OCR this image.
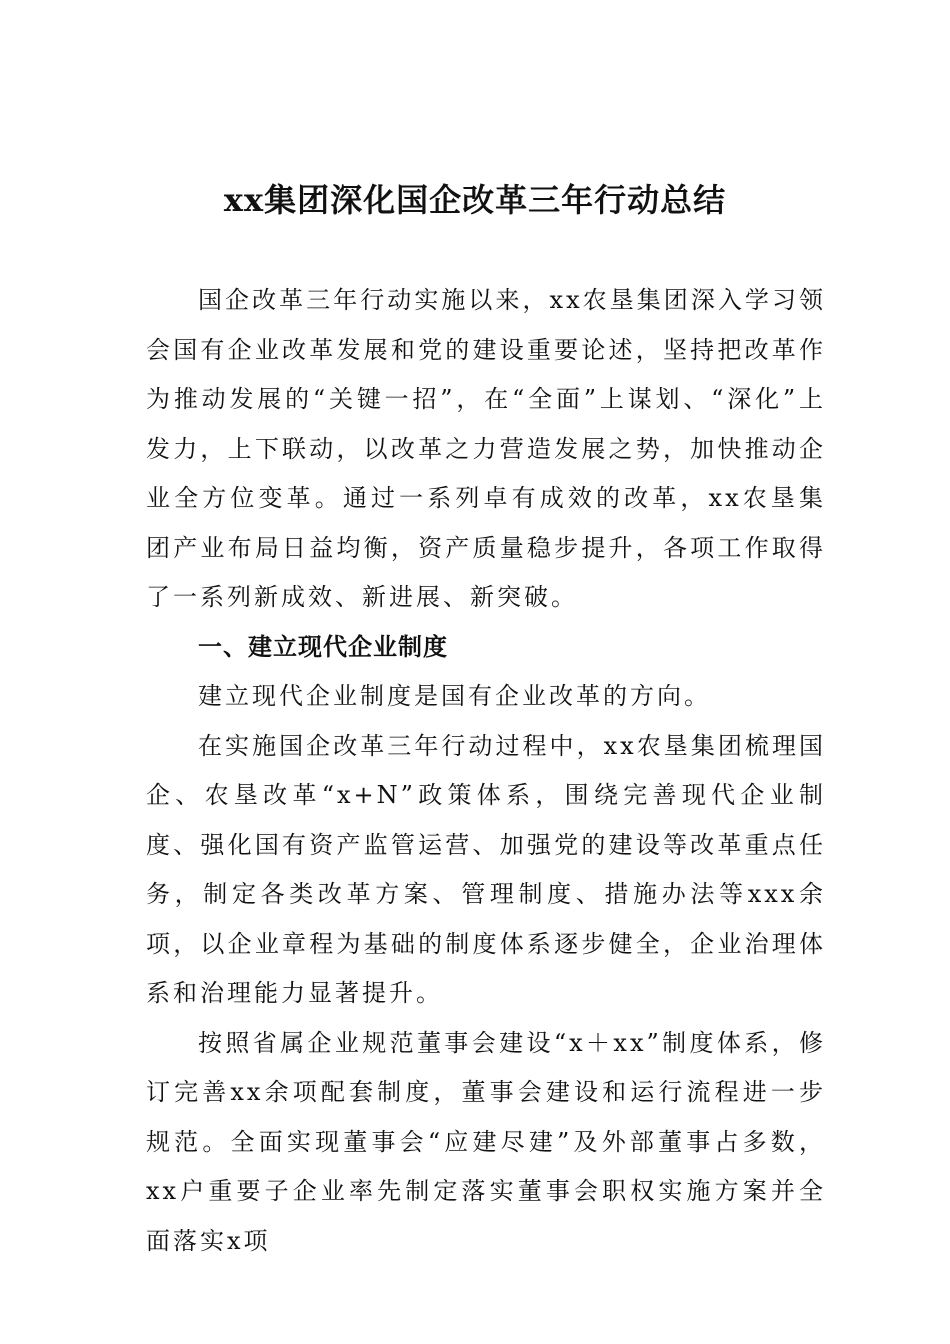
xx集团深化国企改革三年行动总结

国企改革三年行动实施以来，xx农垦集团深入学习领会国有企业改革发展和党的建设重要论述，坚持把改革作为推动发展的“关键一招”，在“全面”上谋划、“深化”上发力，上下联动，以改革之力营造发展之势，加快推动企业全方位变革。通过一系列卓有成效的改革，xx农垦集团产业布局日益均衡，资产质量稳步提升，各项工作取得了一系列新成效、新进展、新突破。

一、建立现代企业制度

建立现代企业制度是国有企业改革的方向。

在实施国企改革三年行动过程中，xx农垦集团梳理国企、农垦改革“x+N”政策体系，围绕完善现代企业制度、强化国有资产监管运营、加强党的建设等改革重点任务，制定各类改革方案、管理制度、措施办法等xxx余项，以企业章程为基础的制度体系逐步健全，企业治理体系和治理能力显著提升。

按照省属企业规范董事会建设“x＋xx”制度体系，修订完善xx余项配套制度，董事会建设和运行流程进一步规范。全面实现董事会“应建尽建”及外部董事占多数，xx户重要子企业率先制定落实董事会职权实施方案并全面落实x项
